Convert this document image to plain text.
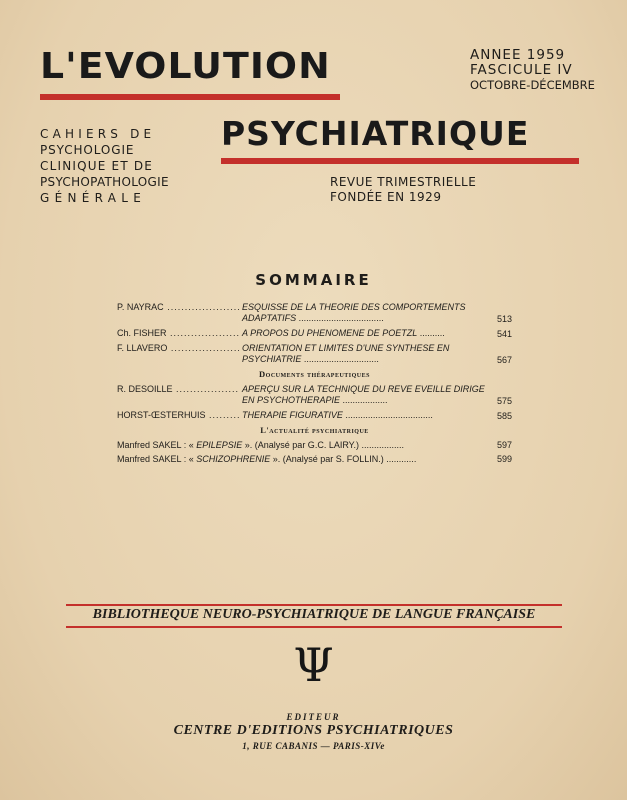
L'EVOLUTION	ANNEE 1959
FASCICULE IV
OCTOBRE-DÉCEMBRE
CAHIERS DE
PSYCHOLOGIE
CLINIQUE ET DE
PSYCHOPATHOLOGIE
GÉNÉRALE
PSYCHIATRIQUE
REVUE TRIMESTRIELLE
FONDÉE EN 1929
SOMMAIRE
P. NAYRAC .....	ESQUISSE DE LA THEORIE DES COMPORTEMENTS ADAPTATIFS ..................................	513
Ch. FISHER .....	A PROPOS DU PHENOMENE DE POETZL ..........	541
F. LLAVERO .....	ORIENTATION ET LIMITES D'UNE SYNTHESE EN PSYCHIATRIE ..............................	567
Documents thérapeutiques
R. DESOILLE .....	APERÇU SUR LA TECHNIQUE DU REVE EVEILLE DIRIGE EN PSYCHOTHERAPIE ..................	575
HORST-ŒSTERHUIS .....	THERAPIE FIGURATIVE ...................................	585
L'actualité psychiatrique
Manfred SAKEL : « EPILEPSIE ». (Analysé par G.C. LAIRY.) .................	597
Manfred SAKEL : « SCHIZOPHRENIE ». (Analysé par S. FOLLIN.) ............	599
BIBLIOTHEQUE NEURO-PSYCHIATRIQUE DE LANGUE FRANÇAISE
Ψ
EDITEUR
CENTRE D'EDITIONS PSYCHIATRIQUES
1, RUE CABANIS — PARIS-XIVe
